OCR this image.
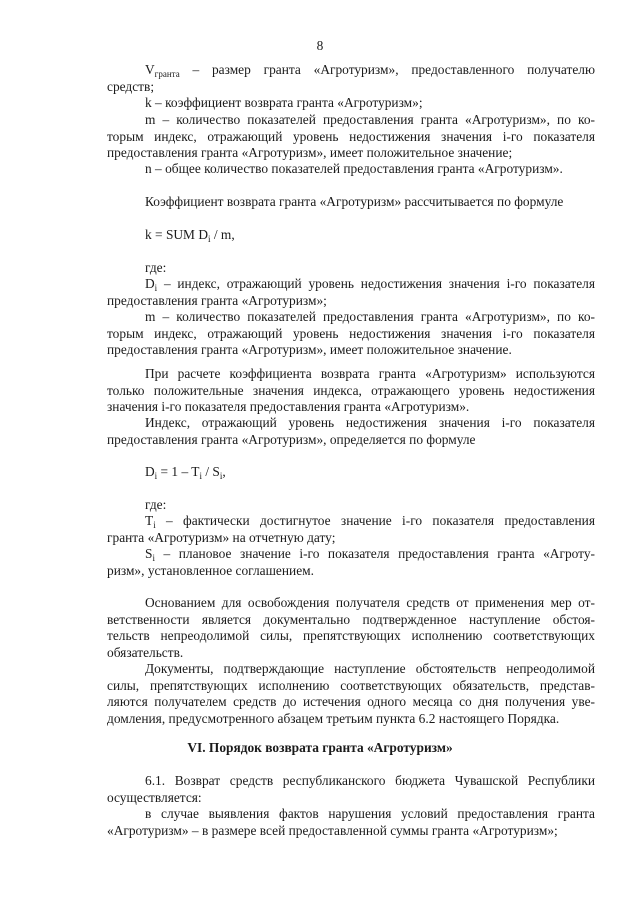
8
$V_{гранта}$ – размер гранта «Агротуризм», предоставленного получателю
средств;
k – коэффициент возврата гранта «Агротуризм»;
m – количество показателей предоставления гранта «Агротуризм», по ко-
торым индекс, отражающий уровень недостижения значения i-го показателя
предоставления гранта «Агротуризм», имеет положительное значение;
n – общее количество показателей предоставления гранта «Агротуризм».
Коэффициент возврата гранта «Агротуризм» рассчитывается по формуле
k = SUM $D_i$ / m,
где:
$D_i$ – индекс, отражающий уровень недостижения значения i-го показателя
предоставления гранта «Агротуризм»;
m – количество показателей предоставления гранта «Агротуризм», по ко-
торым индекс, отражающий уровень недостижения значения i-го показателя
предоставления гранта «Агротуризм», имеет положительное значение.
При расчете коэффициента возврата гранта «Агротуризм» используются
только положительные значения индекса, отражающего уровень недостижения
значения i-го показателя предоставления гранта «Агротуризм».
Индекс, отражающий уровень недостижения значения i-го показателя
предоставления гранта «Агротуризм», определяется по формуле
$D_i = 1 - T_i / S_i$,
где:
$T_i$ – фактически достигнутое значение i-го показателя предоставления
гранта «Агротуризм» на отчетную дату;
$S_i$ – плановое значение i-го показателя предоставления гранта «Агроту-
ризм», установленное соглашением.
Основанием для освобождения получателя средств от применения мер от-
ветственности является документально подтвержденное наступление обстоя-
тельств непреодолимой силы, препятствующих исполнению соответствующих
обязательств.
Документы, подтверждающие наступление обстоятельств непреодолимой
силы, препятствующих исполнению соответствующих обязательств, представ-
ляются получателем средств до истечения одного месяца со дня получения уве-
домления, предусмотренного абзацем третьим пункта 6.2 настоящего Порядка.
VI. Порядок возврата гранта «Агротуризм»
6.1. Возврат средств республиканского бюджета Чувашской Республики
осуществляется:
в случае выявления фактов нарушения условий предоставления гранта
«Агротуризм» – в размере всей предоставленной суммы гранта «Агротуризм»;
